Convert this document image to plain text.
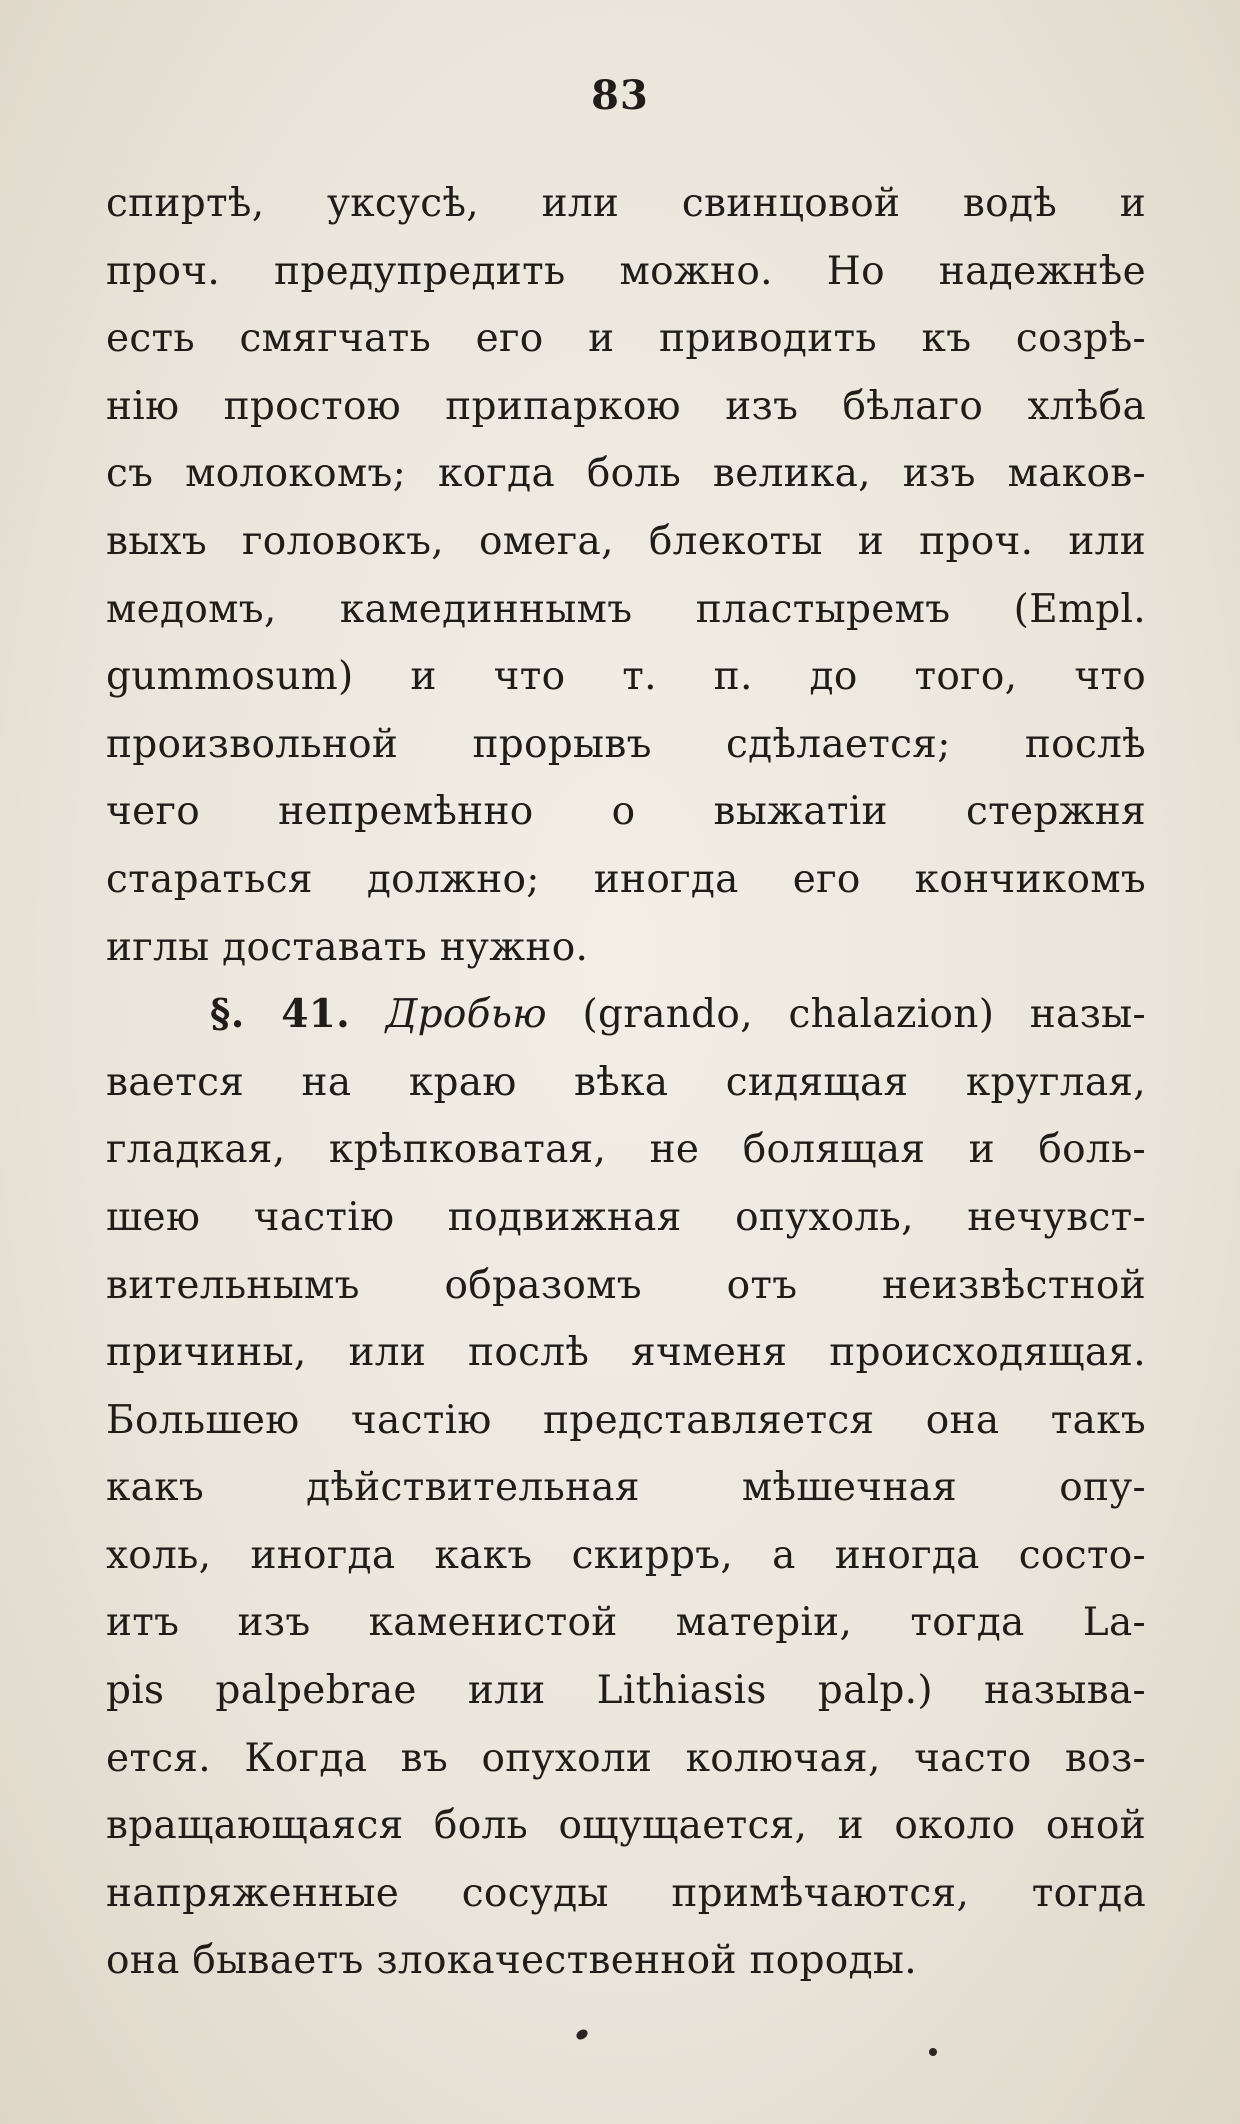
83
спиртѣ, уксусѣ, или свинцовой водѣ и
проч. предупредить можно. Но надежнѣе
есть смягчать его и приводить къ созрѣ-
нію простою припаркою изъ бѣлаго хлѣба
съ молокомъ; когда боль велика, изъ маков-
выхъ головокъ, омега, блекоты и проч. или
медомъ, камединнымъ пластыремъ (Empl.
gummosum) и что т. п. до того, что
произвольной прорывъ сдѣлается; послѣ
чего непремѣнно о выжатіи стержня
стараться должно; иногда его кончикомъ
иглы доставать нужно.
§. 41. Дробью (grando, chalazion) назы-
вается на краю вѣка сидящая круглая,
гладкая, крѣпковатая, не болящая и боль-
шею частію подвижная опухоль, нечувст-
вительнымъ образомъ отъ неизвѣстной
причины, или послѣ ячменя происходящая.
Большею частію представляется она такъ
какъ дѣйствительная мѣшечная опу-
холь, иногда какъ скирръ, а иногда состо-
итъ изъ каменистой матеріи, тогда La-
pis palpebrae или Lithiasis palp.) называ-
ется. Когда въ опухоли колючая, часто воз-
вращающаяся боль ощущается, и около оной
напряженные сосуды примѣчаются, тогда
она бываетъ злокачественной породы.
